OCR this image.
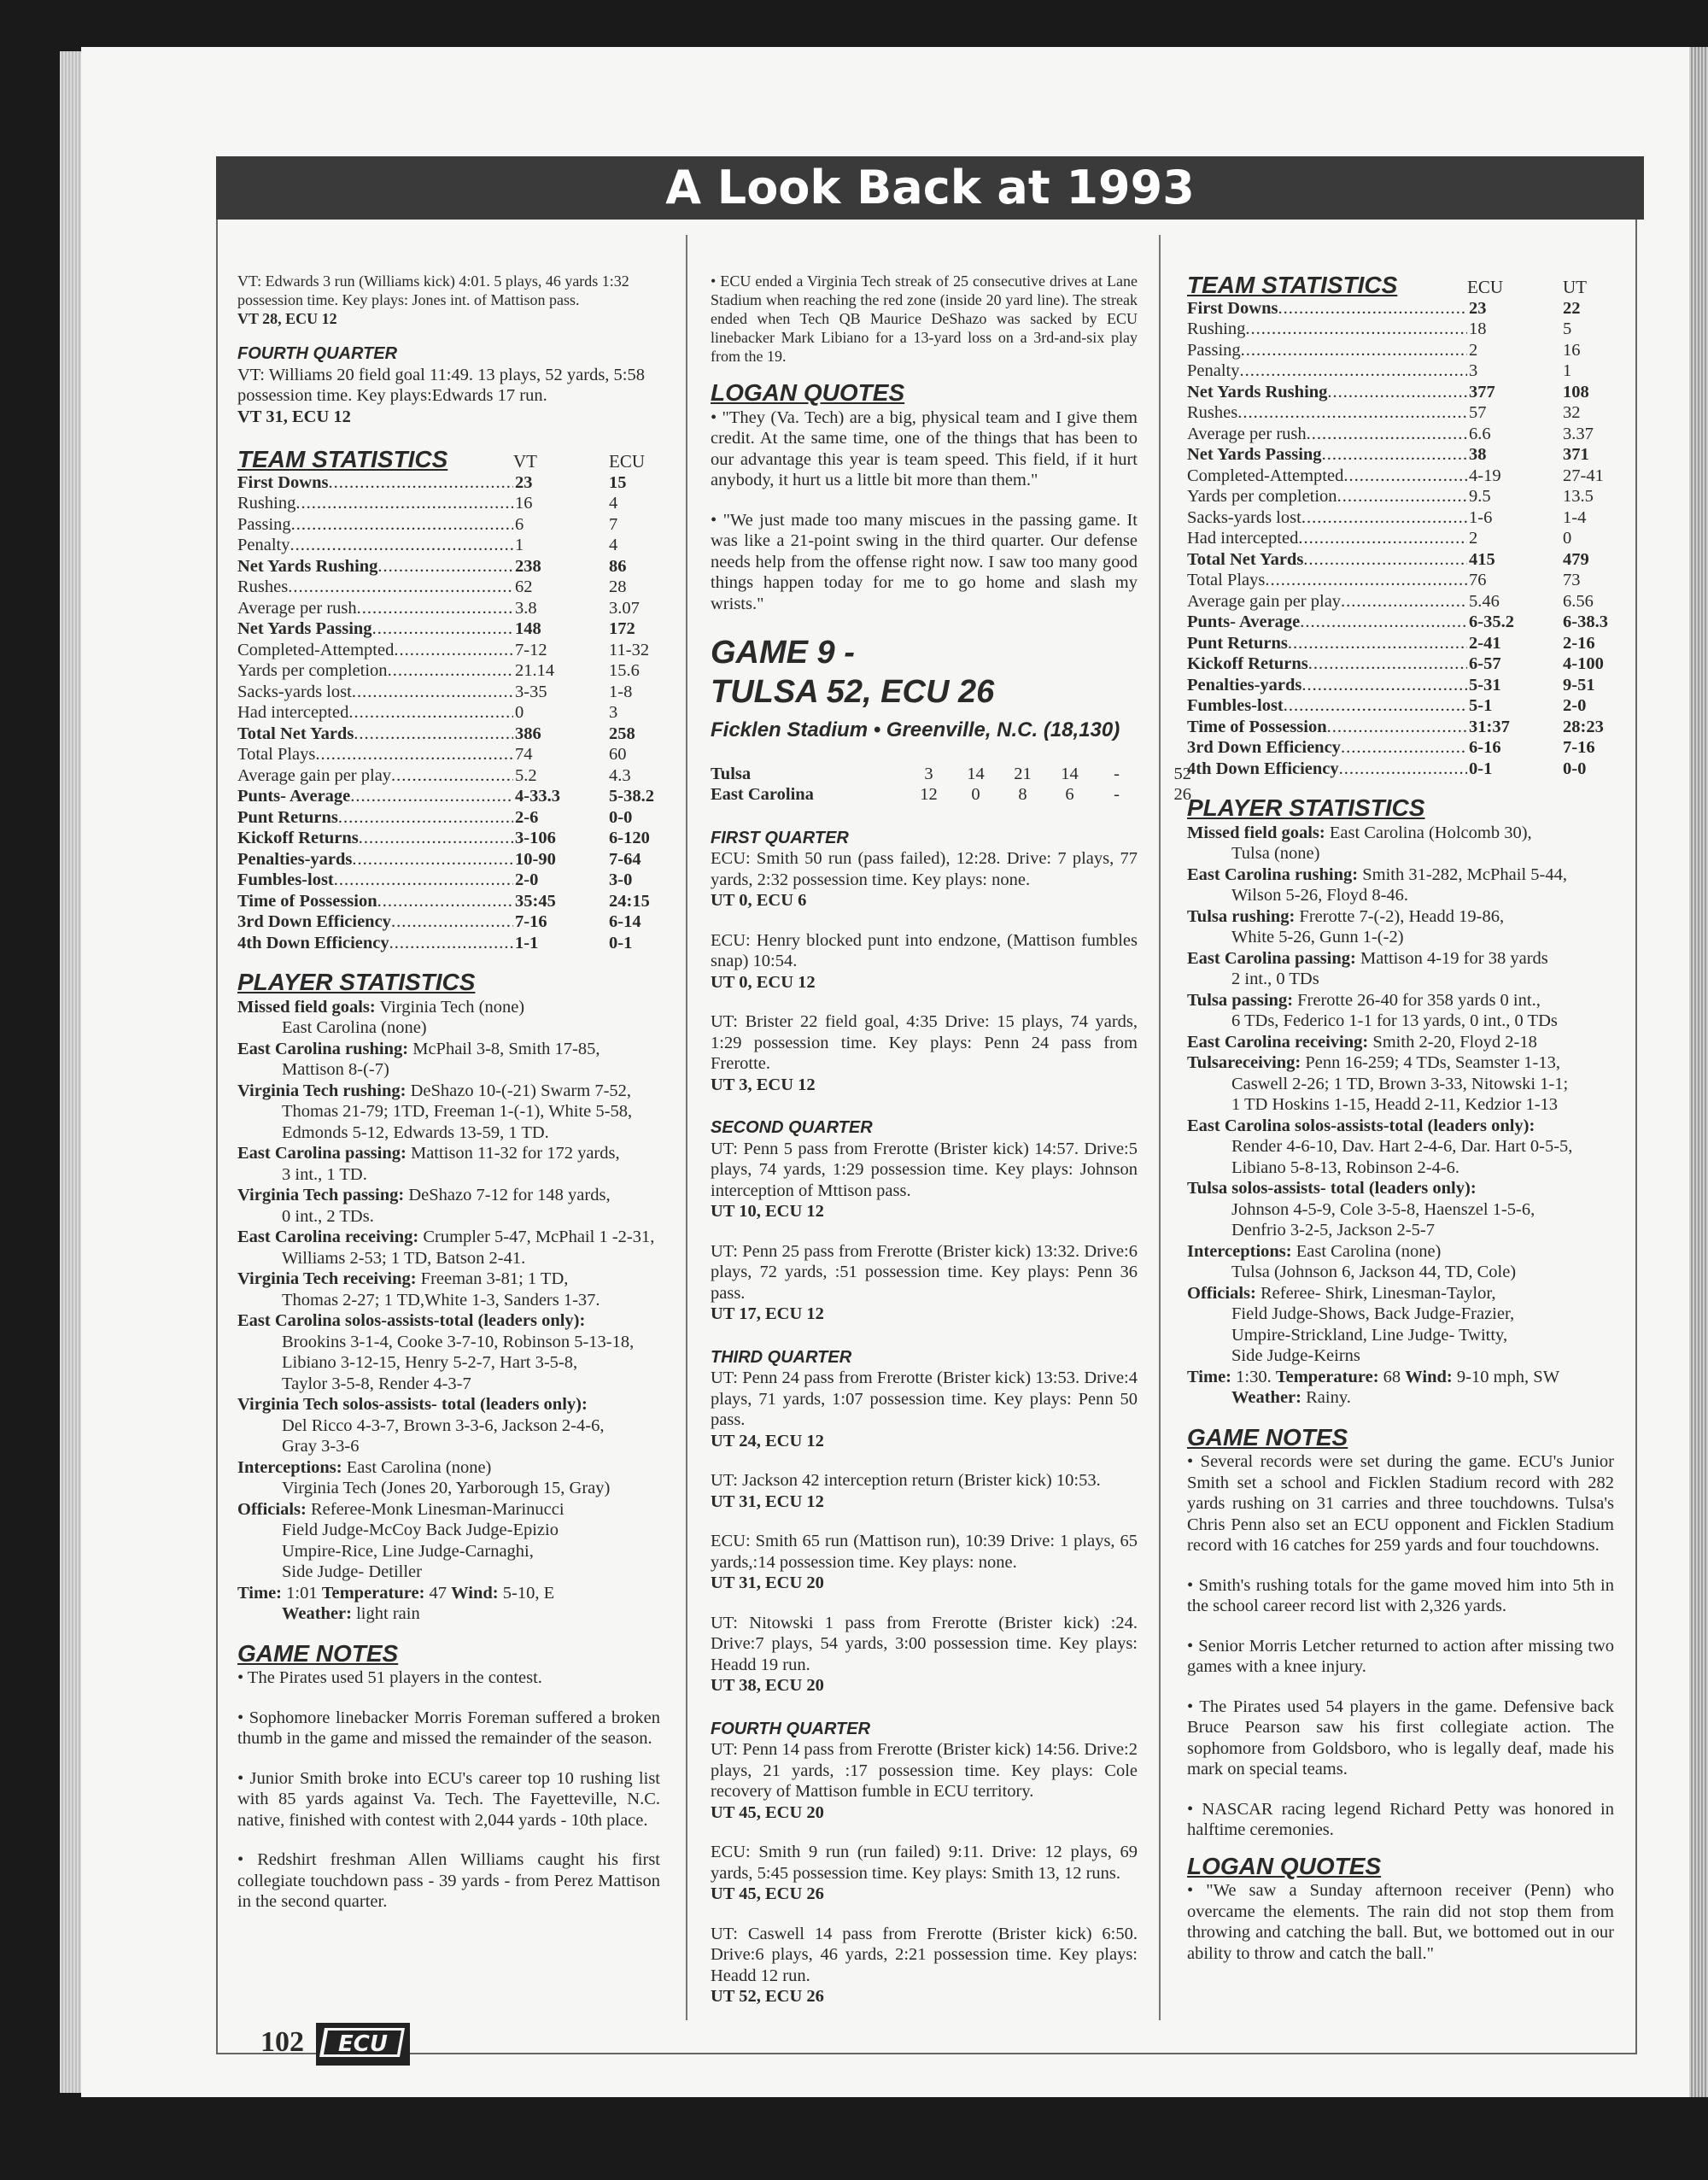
A Look Back at 1993

VT: Edwards 3 run (Williams kick) 4:01. 5 plays, 46 yards 1:32

possession time. Key plays: Jones int. of Mattison pass.

VT 28, ECU 12

FOURTH QUARTER

VT: Williams 20 field goal 11:49. 13 plays, 52 yards, 5:58

possession time. Key plays:Edwards 17 run.

VT 31, ECU 12

TEAM STATISTICS	VT	ECU
First Downs .....	23	15
Rushing .....	16	4
Passing .....	6	7
Penalty .....	1	4
Net Yards Rushing .....	238	86
Rushes .....	62	28
Average per rush .....	3.8	3.07
Net Yards Passing .....	148	172
Completed-Attempted .....	7-12	11-32
Yards per completion .....	21.14	15.6
Sacks-yards lost .....	3-35	1-8
Had intercepted .....	0	3
Total Net Yards .....	386	258
Total Plays .....	74	60
Average gain per play .....	5.2	4.3
Punts- Average .....	4-33.3	5-38.2
Punt Returns .....	2-6	0-0
Kickoff Returns .....	3-106	6-120
Penalties-yards .....	10-90	7-64
Fumbles-lost .....	2-0	3-0
Time of Possession .....	35:45	24:15
3rd Down Efficiency .....	7-16	6-14
4th Down Efficiency .....	1-1	0-1
PLAYER STATISTICS

Missed field goals: Virginia Tech (none)

East Carolina (none)

East Carolina rushing: McPhail 3-8, Smith 17-85,

Mattison 8-(-7)

Virginia Tech rushing: DeShazo 10-(-21) Swarm 7-52,

Thomas 21-79; 1TD, Freeman 1-(-1), White 5-58,

Edmonds 5-12, Edwards 13-59, 1 TD.

East Carolina passing: Mattison 11-32 for 172 yards,

3 int., 1 TD.

Virginia Tech passing: DeShazo 7-12 for 148 yards,

0 int., 2 TDs.

East Carolina receiving: Crumpler 5-47, McPhail 1 -2-31,

Williams 2-53; 1 TD, Batson 2-41.

Virginia Tech receiving: Freeman 3-81; 1 TD,

Thomas 2-27; 1 TD,White 1-3, Sanders 1-37.

East Carolina solos-assists-total (leaders only):

Brookins 3-1-4, Cooke 3-7-10, Robinson 5-13-18,

Libiano 3-12-15, Henry 5-2-7, Hart 3-5-8,

Taylor 3-5-8, Render 4-3-7

Virginia Tech solos-assists- total (leaders only):

Del Ricco 4-3-7, Brown 3-3-6, Jackson 2-4-6,

Gray 3-3-6

Interceptions: East Carolina (none)

Virginia Tech (Jones 20, Yarborough 15, Gray)

Officials: Referee-Monk Linesman-Marinucci

Field Judge-McCoy Back Judge-Epizio

Umpire-Rice, Line Judge-Carnaghi,

Side Judge- Detiller

Time: 1:01 Temperature: 47 Wind: 5-10, E

Weather: light rain

GAME NOTES

• The Pirates used 51 players in the contest.

• Sophomore linebacker Morris Foreman suffered a broken thumb in the game and missed the remainder of the season.

• Junior Smith broke into ECU's career top 10 rushing list with 85 yards against Va. Tech. The Fayetteville, N.C. native, finished with contest with 2,044 yards - 10th place.

• Redshirt freshman Allen Williams caught his first collegiate touchdown pass - 39 yards - from Perez Mattison in the second quarter.

• ECU ended a Virginia Tech streak of 25 consecutive drives at Lane Stadium when reaching the red zone (inside 20 yard line). The streak ended when Tech QB Maurice DeShazo was sacked by ECU linebacker Mark Libiano for a 13-yard loss on a 3rd-and-six play from the 19.

LOGAN QUOTES

• "They (Va. Tech) are a big, physical team and I give them credit. At the same time, one of the things that has been to our advantage this year is team speed. This field, if it hurt anybody, it hurt us a little bit more than them."

• "We just made too many miscues in the passing game. It was like a 21-point swing in the third quarter. Our defense needs help from the offense right now. I saw too many good things happen today for me to go home and slash my wrists."

GAME 9 -
TULSA 52, ECU 26
Ficklen Stadium • Greenville, N.C. (18,130)
Tulsa	3	14	21	14	-	52
East Carolina	12	0	8	6	-	26
FIRST QUARTER

ECU: Smith 50 run (pass failed), 12:28. Drive: 7 plays, 77 yards, 2:32 possession time. Key plays: none.

UT 0, ECU 6

ECU: Henry blocked punt into endzone, (Mattison fumbles snap) 10:54.

UT 0, ECU 12

UT: Brister 22 field goal, 4:35 Drive: 15 plays, 74 yards, 1:29 possession time. Key plays: Penn 24 pass from Frerotte.

UT 3, ECU 12

SECOND QUARTER

UT: Penn 5 pass from Frerotte (Brister kick) 14:57. Drive:5 plays, 74 yards, 1:29 possession time. Key plays: Johnson interception of Mttison pass.

UT 10, ECU 12

UT: Penn 25 pass from Frerotte (Brister kick) 13:32. Drive:6 plays, 72 yards, :51 possession time. Key plays: Penn 36 pass.

UT 17, ECU 12

THIRD QUARTER

UT: Penn 24 pass from Frerotte (Brister kick) 13:53. Drive:4 plays, 71 yards, 1:07 possession time. Key plays: Penn 50 pass.

UT 24, ECU 12

UT: Jackson 42 interception return (Brister kick) 10:53.

UT 31, ECU 12

ECU: Smith 65 run (Mattison run), 10:39 Drive: 1 plays, 65 yards,:14 possession time. Key plays: none.

UT 31, ECU 20

UT: Nitowski 1 pass from Frerotte (Brister kick) :24. Drive:7 plays, 54 yards, 3:00 possession time. Key plays: Headd 19 run.

UT 38, ECU 20

FOURTH QUARTER

UT: Penn 14 pass from Frerotte (Brister kick) 14:56. Drive:2 plays, 21 yards, :17 possession time. Key plays: Cole recovery of Mattison fumble in ECU territory.

UT 45, ECU 20

ECU: Smith 9 run (run failed) 9:11. Drive: 12 plays, 69 yards, 5:45 possession time. Key plays: Smith 13, 12 runs.

UT 45, ECU 26

UT: Caswell 14 pass from Frerotte (Brister kick) 6:50. Drive:6 plays, 46 yards, 2:21 possession time. Key plays: Headd 12 run.

UT 52, ECU 26

TEAM STATISTICS	ECU	UT
First Downs .....	23	22
Rushing .....	18	5
Passing .....	2	16
Penalty .....	3	1
Net Yards Rushing .....	377	108
Rushes .....	57	32
Average per rush .....	6.6	3.37
Net Yards Passing .....	38	371
Completed-Attempted .....	4-19	27-41
Yards per completion .....	9.5	13.5
Sacks-yards lost .....	1-6	1-4
Had intercepted .....	2	0
Total Net Yards .....	415	479
Total Plays .....	76	73
Average gain per play .....	5.46	6.56
Punts- Average .....	6-35.2	6-38.3
Punt Returns .....	2-41	2-16
Kickoff Returns .....	6-57	4-100
Penalties-yards .....	5-31	9-51
Fumbles-lost .....	5-1	2-0
Time of Possession .....	31:37	28:23
3rd Down Efficiency .....	6-16	7-16
4th Down Efficiency .....	0-1	0-0
PLAYER STATISTICS

Missed field goals: East Carolina (Holcomb 30),

Tulsa (none)

East Carolina rushing: Smith 31-282, McPhail 5-44,

Wilson 5-26, Floyd 8-46.

Tulsa rushing: Frerotte 7-(-2), Headd 19-86,

White 5-26, Gunn 1-(-2)

East Carolina passing: Mattison 4-19 for 38 yards

2 int., 0 TDs

Tulsa passing: Frerotte 26-40 for 358 yards 0 int.,

6 TDs, Federico 1-1 for 13 yards, 0 int., 0 TDs

East Carolina receiving: Smith 2-20, Floyd 2-18

Tulsareceiving: Penn 16-259; 4 TDs, Seamster 1-13,

Caswell 2-26; 1 TD, Brown 3-33, Nitowski 1-1;

1 TD Hoskins 1-15, Headd 2-11, Kedzior 1-13

East Carolina solos-assists-total (leaders only):

Render 4-6-10, Dav. Hart 2-4-6, Dar. Hart 0-5-5,

Libiano 5-8-13, Robinson 2-4-6.

Tulsa solos-assists- total (leaders only):

Johnson 4-5-9, Cole 3-5-8, Haenszel 1-5-6,

Denfrio 3-2-5, Jackson 2-5-7

Interceptions: East Carolina (none)

Tulsa (Johnson 6, Jackson 44, TD, Cole)

Officials: Referee- Shirk, Linesman-Taylor,

Field Judge-Shows, Back Judge-Frazier,

Umpire-Strickland, Line Judge- Twitty,

Side Judge-Keirns

Time: 1:30. Temperature: 68 Wind: 9-10 mph, SW

Weather: Rainy.

GAME NOTES

• Several records were set during the game. ECU's Junior Smith set a school and Ficklen Stadium record with 282 yards rushing on 31 carries and three touchdowns. Tulsa's Chris Penn also set an ECU opponent and Ficklen Stadium record with 16 catches for 259 yards and four touchdowns.

• Smith's rushing totals for the game moved him into 5th in the school career record list with 2,326 yards.

• Senior Morris Letcher returned to action after missing two games with a knee injury.

• The Pirates used 54 players in the game. Defensive back Bruce Pearson saw his first collegiate action. The sophomore from Goldsboro, who is legally deaf, made his mark on special teams.

• NASCAR racing legend Richard Petty was honored in halftime ceremonies.

LOGAN QUOTES

• "We saw a Sunday afternoon receiver (Penn) who overcame the elements. The rain did not stop them from throwing and catching the ball. But, we bottomed out in our ability to throw and catch the ball."

102 ECU
